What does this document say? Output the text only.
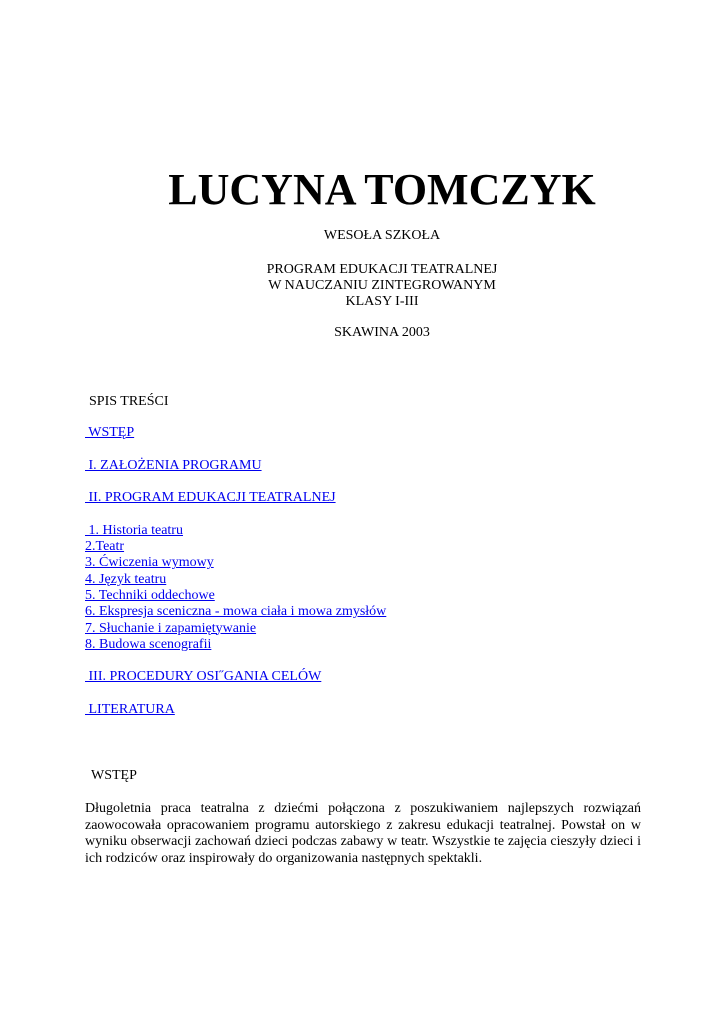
LUCYNA TOMCZYK
WESOŁA SZKOŁA
PROGRAM EDUKACJI TEATRALNEJ
W NAUCZANIU ZINTEGROWANYM
KLASY I-III
SKAWINA 2003
SPIS TREŚCI
WSTĘP
I. ZAŁOŻENIA PROGRAMU
II. PROGRAM EDUKACJI TEATRALNEJ
1. Historia teatru
2.Teatr
3. Ćwiczenia wymowy
4. Język teatru
5. Techniki oddechowe
6. Ekspresja sceniczna - mowa ciała i mowa zmysłów
7. Słuchanie i zapamiętywanie
8. Budowa scenografii
III. PROCEDURY OSI˝GANIA CELÓW
LITERATURA
WSTĘP
Długoletnia praca teatralna z dziećmi połączona z poszukiwaniem najlepszych rozwiązań zaowocowała opracowaniem programu autorskiego z zakresu edukacji teatralnej. Powstał on w wyniku obserwacji zachowań dzieci podczas zabawy w teatr. Wszystkie te zajęcia cieszyły dzieci i ich rodziców oraz inspirowały do organizowania następnych spektakli.
